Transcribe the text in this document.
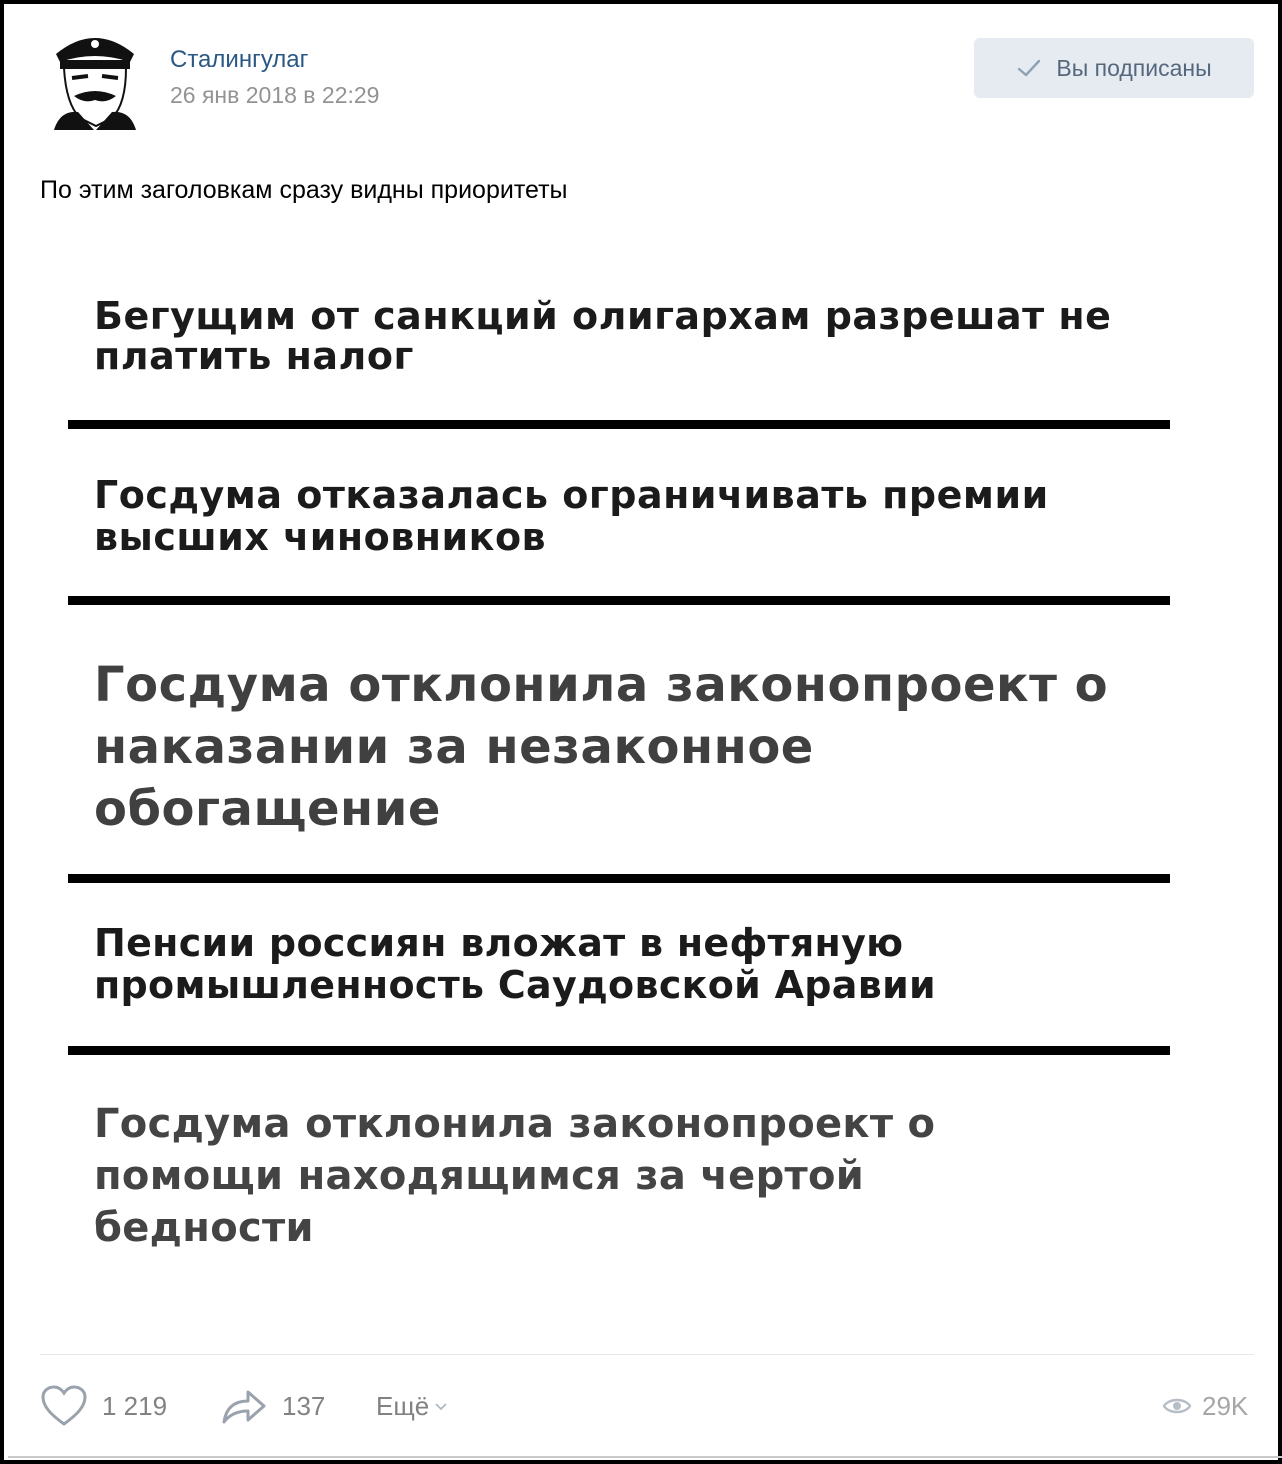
Сталингулаг
26 янв 2018 в 22:29
Вы подписаны
По этим заголовкам сразу видны приоритеты
Бегущим от санкций олигархам разрешат не платить налог
Госдума отказалась ограничивать премии высших чиновников
Госдума отклонила законопроект о наказании за незаконное обогащение
Пенсии россиян вложат в нефтяную промышленность Саудовской Аравии
Госдума отклонила законопроект о помощи находящимся за чертой бедности
1 219	137 Ещё	29K
